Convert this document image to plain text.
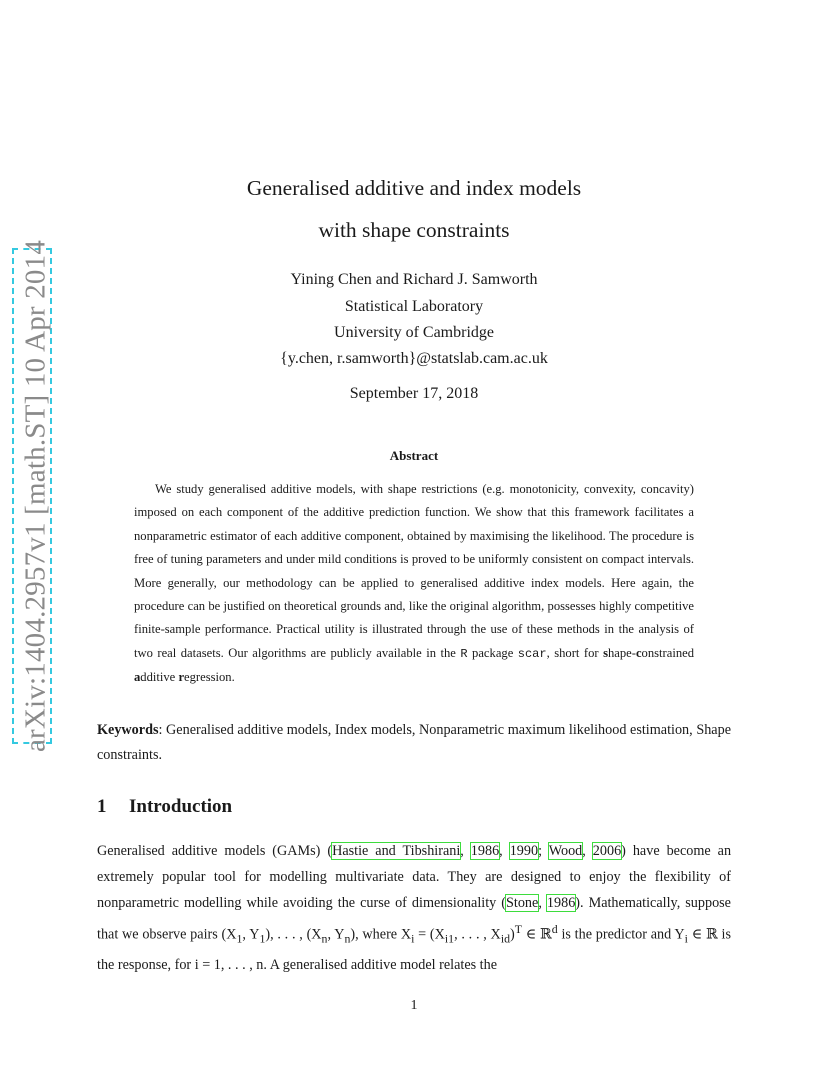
arXiv:1404.2957v1 [math.ST] 10 Apr 2014
Generalised additive and index models
with shape constraints
Yining Chen and Richard J. Samworth
Statistical Laboratory
University of Cambridge
{y.chen, r.samworth}@statslab.cam.ac.uk
September 17, 2018
Abstract

We study generalised additive models, with shape restrictions (e.g. monotonicity, convexity, concavity) imposed on each component of the additive prediction function. We show that this framework facilitates a nonparametric estimator of each additive component, obtained by maximising the likelihood. The procedure is free of tuning parameters and under mild conditions is proved to be uniformly consistent on compact intervals. More generally, our methodology can be applied to generalised additive index models. Here again, the procedure can be justified on theoretical grounds and, like the original algorithm, possesses highly competitive finite-sample performance. Practical utility is illustrated through the use of these methods in the analysis of two real datasets. Our algorithms are publicly available in the R package scar, short for shape-constrained additive regression.

Keywords: Generalised additive models, Index models, Nonparametric maximum likelihood estimation, Shape constraints.
1 Introduction

Generalised additive models (GAMs) (Hastie and Tibshirani, 1986, 1990; Wood, 2006) have become an extremely popular tool for modelling multivariate data. They are designed to enjoy the flexibility of nonparametric modelling while avoiding the curse of dimensionality (Stone, 1986). Mathematically, suppose that we observe pairs ($X_1$, $Y_1$), . . . , ($X_n$, $Y_n$), where $X_i = (X_{i1}$, . . . , $X_{id})^T$ ∈ ℝ$^d$ is the predictor and $Y_i$ ∈ ℝ is the response, for i = 1, . . . , n. A generalised additive model relates the

1
